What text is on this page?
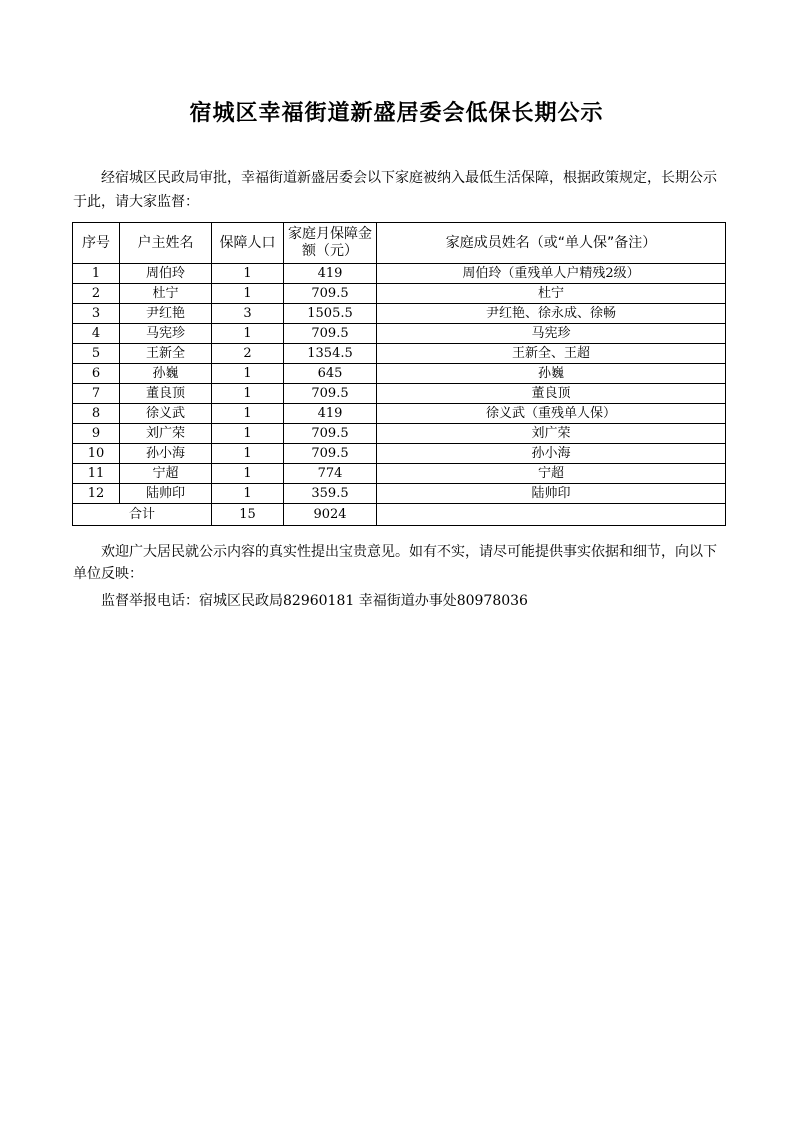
宿城区幸福街道新盛居委会低保长期公示
经宿城区民政局审批，幸福街道新盛居委会以下家庭被纳入最低生活保障，根据政策规定，长期公示于此，请大家监督：
序号	户主姓名	保障人口	家庭月保障金额（元）	家庭成员姓名（或“单人保”备注）
1	周伯玲	1	419	周伯玲（重残单人户精残2级）
2	杜宁	1	709.5	杜宁
3	尹红艳	3	1505.5	尹红艳、徐永成、徐畅
4	马宪珍	1	709.5	马宪珍
5	王新全	2	1354.5	王新全、王超
6	孙巍	1	645	孙巍
7	董良顶	1	709.5	董良顶
8	徐义武	1	419	徐义武（重残单人保）
9	刘广荣	1	709.5	刘广荣
10	孙小海	1	709.5	孙小海
11	宁超	1	774	宁超
12	陆帅印	1	359.5	陆帅印
合计		15	9024	
欢迎广大居民就公示内容的真实性提出宝贵意见。如有不实，请尽可能提供事实依据和细节，向以下单位反映：
监督举报电话：宿城区民政局82960181 幸福街道办事处80978036
